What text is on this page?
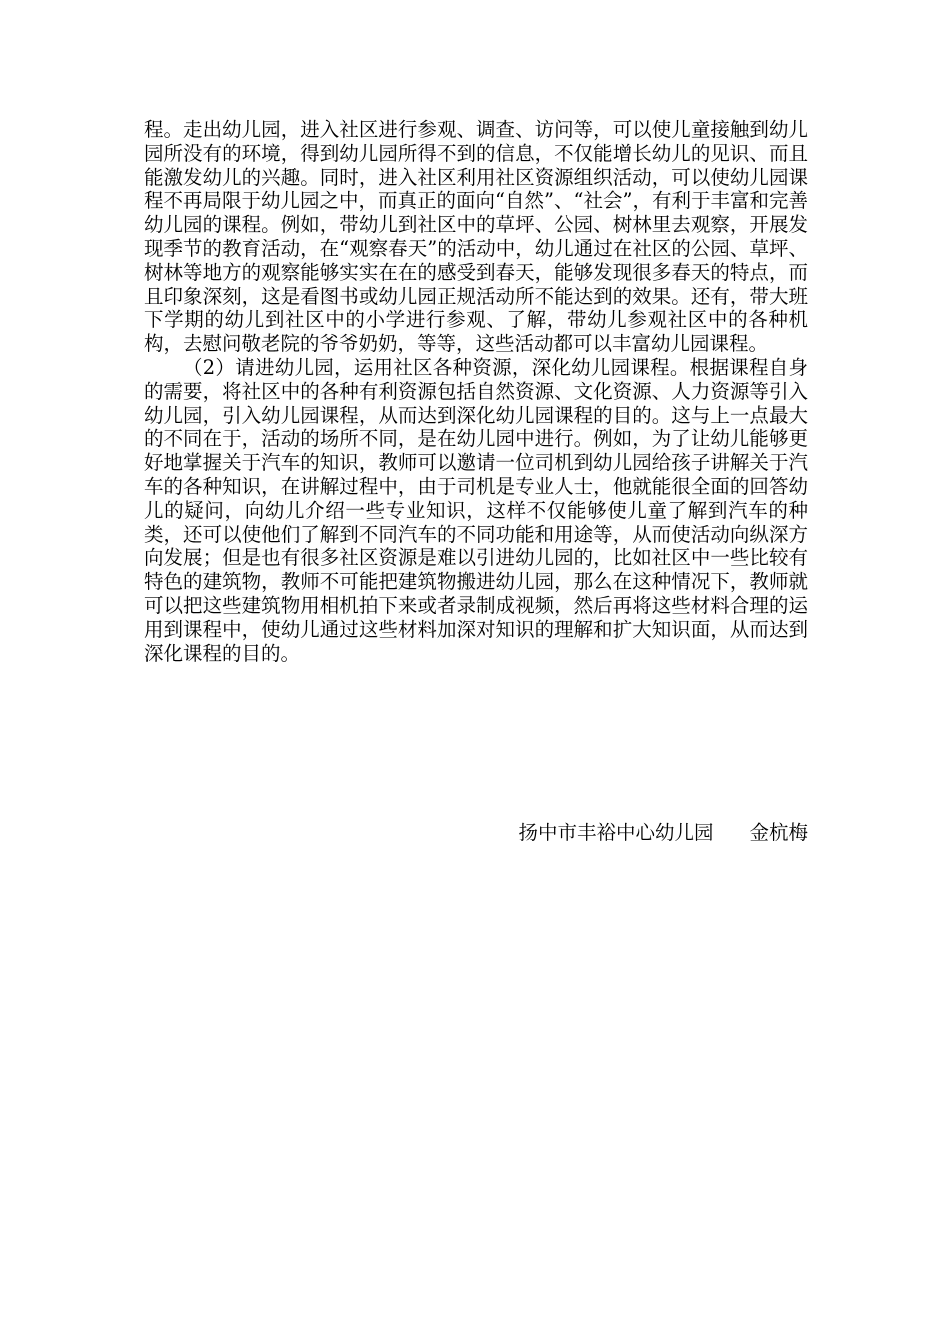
程。走出幼儿园，进入社区进行参观、调查、访问等，可以使儿童接触到幼儿园所没有的环境，得到幼儿园所得不到的信息，不仅能增长幼儿的见识、而且能激发幼儿的兴趣。同时，进入社区利用社区资源组织活动，可以使幼儿园课程不再局限于幼儿园之中，而真正的面向“自然”、“社会”，有利于丰富和完善幼儿园的课程。例如，带幼儿到社区中的草坪、公园、树林里去观察，开展发现季节的教育活动，在“观察春天”的活动中，幼儿通过在社区的公园、草坪、树林等地方的观察能够实实在在的感受到春天，能够发现很多春天的特点，而且印象深刻，这是看图书或幼儿园正规活动所不能达到的效果。还有，带大班下学期的幼儿到社区中的小学进行参观、了解，带幼儿参观社区中的各种机构，去慰问敬老院的爷爷奶奶，等等，这些活动都可以丰富幼儿园课程。

（2）请进幼儿园，运用社区各种资源，深化幼儿园课程。根据课程自身的需要，将社区中的各种有利资源包括自然资源、文化资源、人力资源等引入幼儿园，引入幼儿园课程，从而达到深化幼儿园课程的目的。这与上一点最大的不同在于，活动的场所不同，是在幼儿园中进行。例如，为了让幼儿能够更好地掌握关于汽车的知识，教师可以邀请一位司机到幼儿园给孩子讲解关于汽车的各种知识，在讲解过程中，由于司机是专业人士，他就能很全面的回答幼儿的疑问，向幼儿介绍一些专业知识，这样不仅能够使儿童了解到汽车的种类，还可以使他们了解到不同汽车的不同功能和用途等，从而使活动向纵深方向发展；但是也有很多社区资源是难以引进幼儿园的，比如社区中一些比较有特色的建筑物，教师不可能把建筑物搬进幼儿园，那么在这种情况下，教师就可以把这些建筑物用相机拍下来或者录制成视频，然后再将这些材料合理的运用到课程中，使幼儿通过这些材料加深对知识的理解和扩大知识面，从而达到深化课程的目的。

扬中市丰裕中心幼儿园 金杭梅
